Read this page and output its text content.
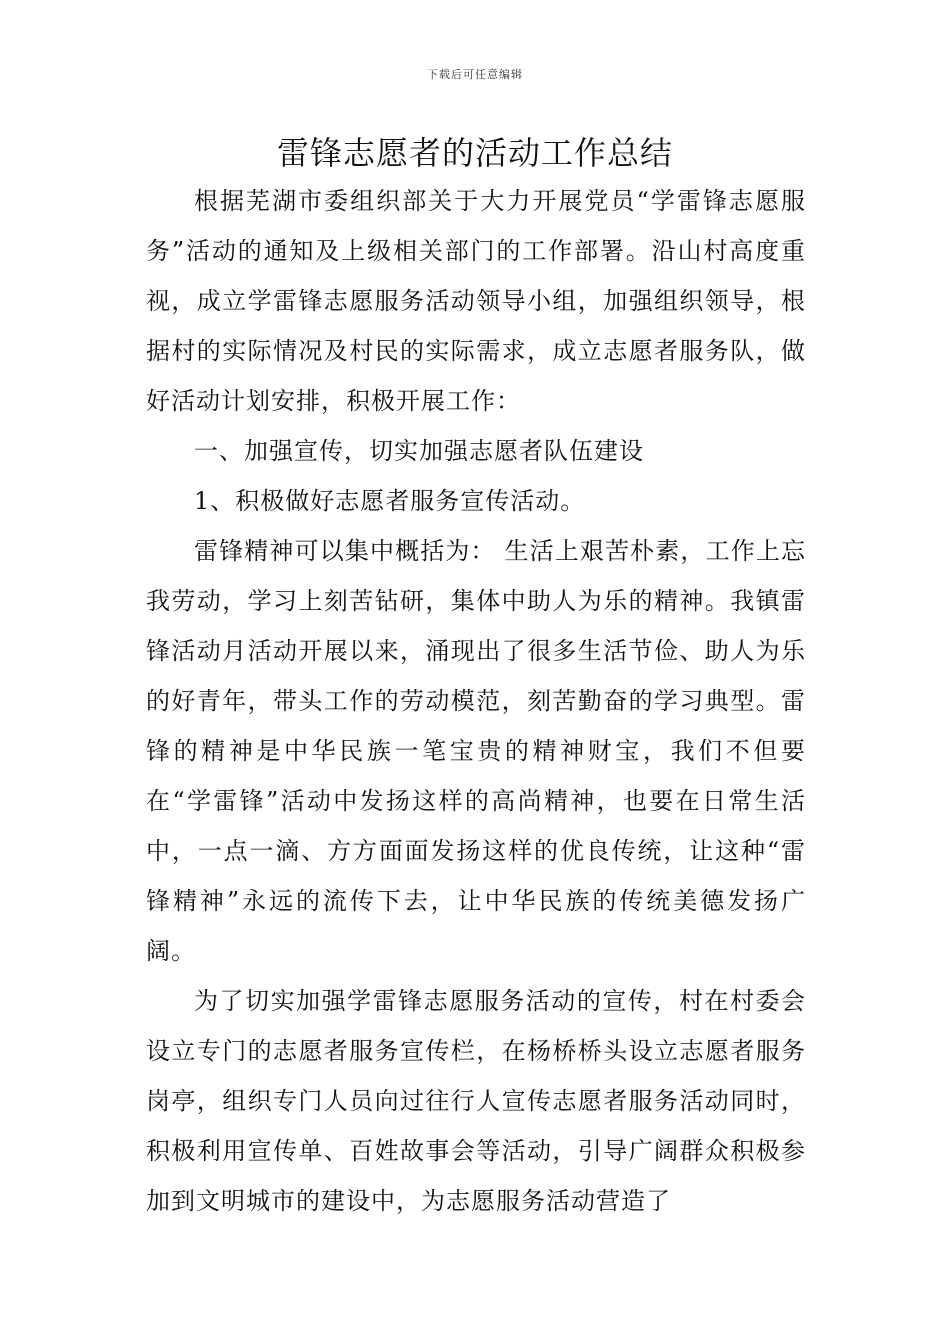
下载后可任意编辑
雷锋志愿者的活动工作总结

根据芜湖市委组织部关于大力开展党员“学雷锋志愿服务”活动的通知及上级相关部门的工作部署。沿山村高度重视，成立学雷锋志愿服务活动领导小组，加强组织领导，根据村的实际情况及村民的实际需求，成立志愿者服务队，做好活动计划安排，积极开展工作：

一、加强宣传，切实加强志愿者队伍建设

1、积极做好志愿者服务宣传活动。

雷锋精神可以集中概括为： 生活上艰苦朴素，工作上忘我劳动，学习上刻苦钻研，集体中助人为乐的精神。我镇雷锋活动月活动开展以来，涌现出了很多生活节俭、助人为乐的好青年，带头工作的劳动模范，刻苦勤奋的学习典型。雷锋的精神是中华民族一笔宝贵的精神财宝，我们不但要在“学雷锋”活动中发扬这样的高尚精神，也要在日常生活中，一点一滴、方方面面发扬这样的优良传统，让这种“雷锋精神”永远的流传下去，让中华民族的传统美德发扬广阔。

为了切实加强学雷锋志愿服务活动的宣传，村在村委会设立专门的志愿者服务宣传栏，在杨桥桥头设立志愿者服务岗亭，组织专门人员向过往行人宣传志愿者服务活动同时，积极利用宣传单、百姓故事会等活动，引导广阔群众积极参加到文明城市的建设中，为志愿服务活动营造了
